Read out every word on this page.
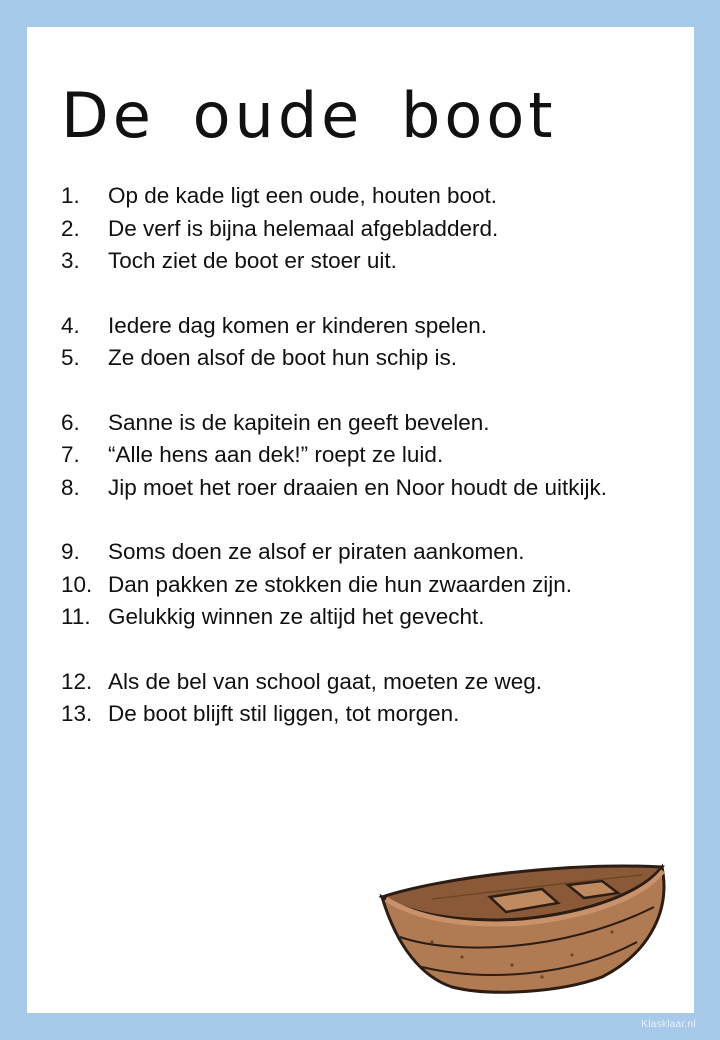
De oude boot
1.	Op de kade ligt een oude, houten boot.
2.	De verf is bijna helemaal afgebladderd.
3.	Toch ziet de boot er stoer uit.
4.	Iedere dag komen er kinderen spelen.
5.	Ze doen alsof de boot hun schip is.
6.	Sanne is de kapitein en geeft bevelen.
7.	“Alle hens aan dek!” roept ze luid.
8.	Jip moet het roer draaien en Noor houdt de uitkijk.
9.	Soms doen ze alsof er piraten aankomen.
10. Dan pakken ze stokken die hun zwaarden zijn.
11. Gelukkig winnen ze altijd het gevecht.
12. Als de bel van school gaat, moeten ze weg.
13. De boot blijft stil liggen, tot morgen.
Klasklaar.nl
